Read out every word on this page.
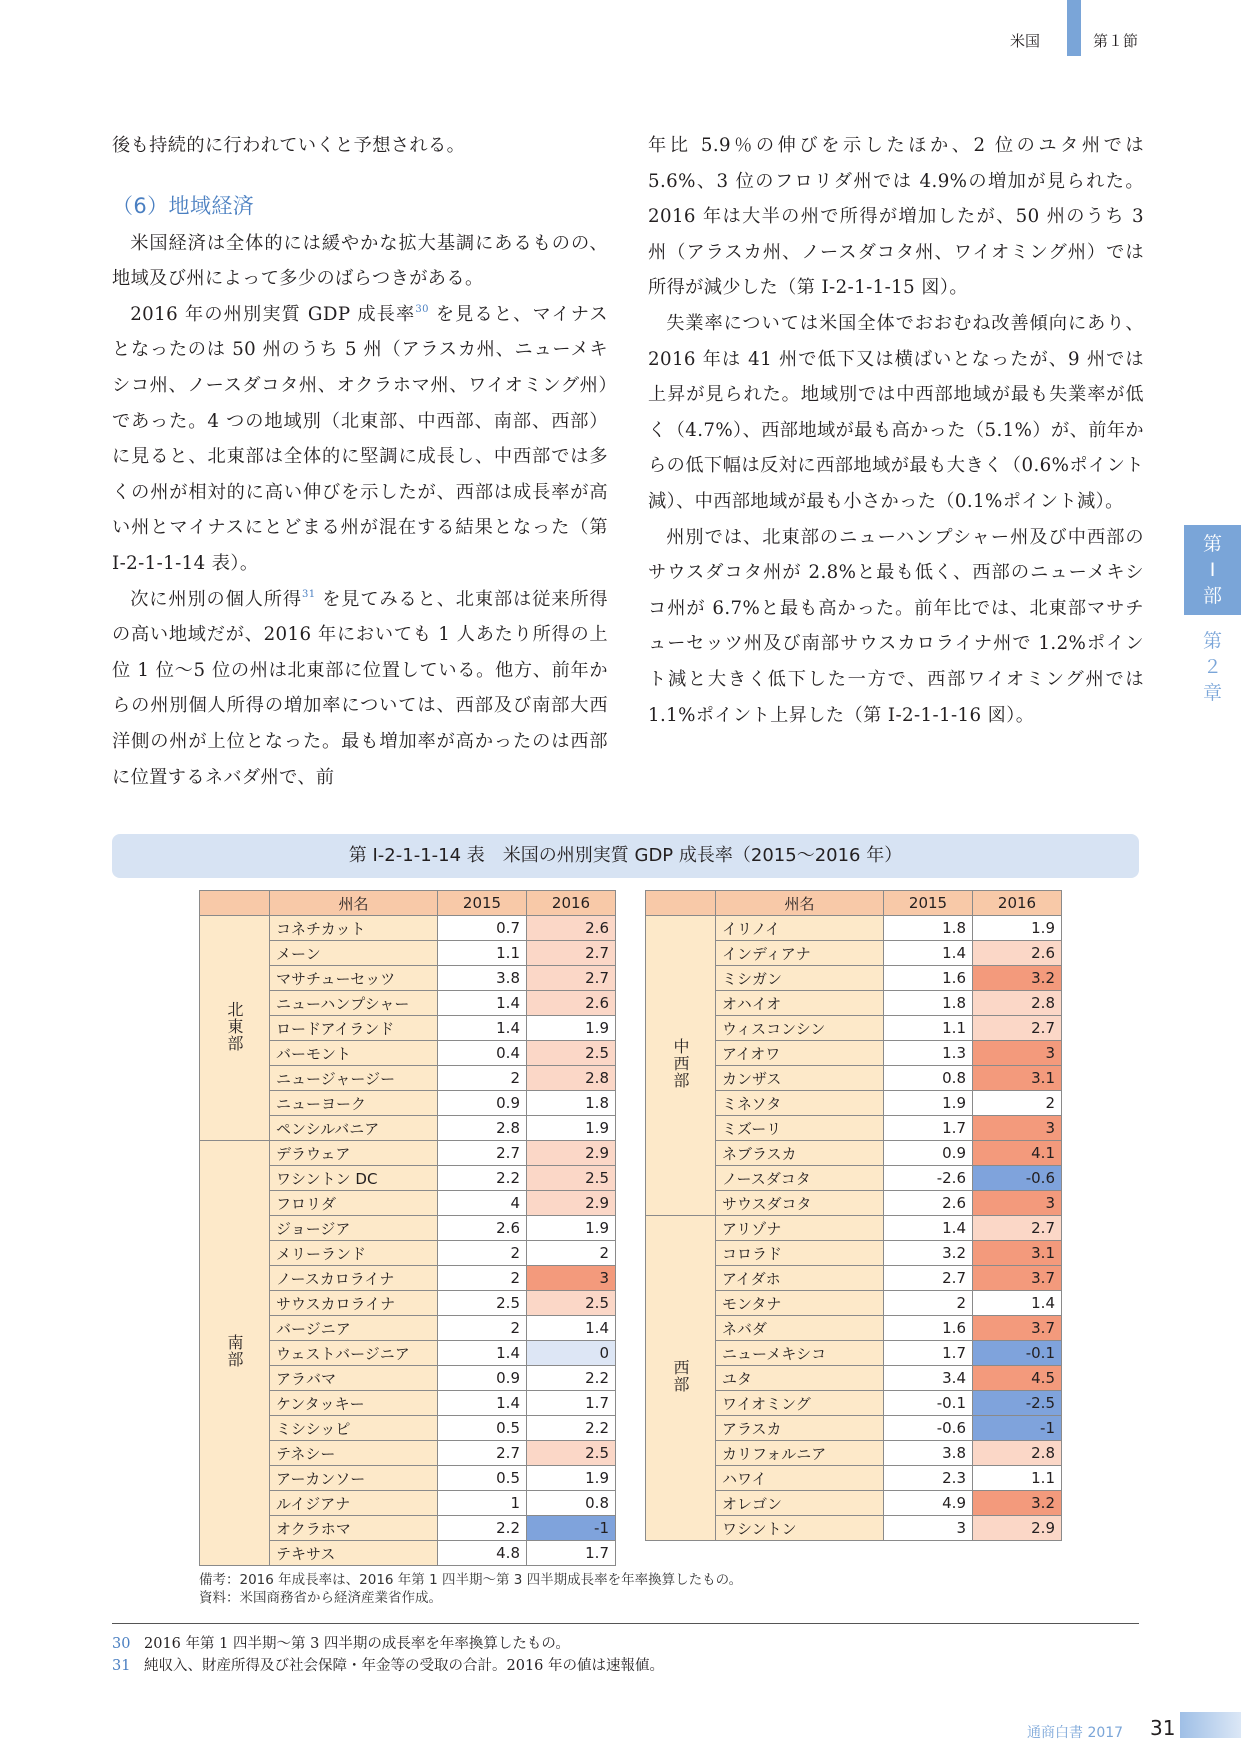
米国	第１節

後も持続的に行われていくと予想される。

（6）地域経済

米国経済は全体的には緩やかな拡大基調にあるものの、地域及び州によって多少のばらつきがある。

2016 年の州別実質 GDP 成長率$^{30}$ を見ると、マイナスとなったのは 50 州のうち 5 州（アラスカ州、ニューメキシコ州、ノースダコタ州、オクラホマ州、ワイオミング州）であった。4 つの地域別（北東部、中西部、南部、西部）に見ると、北東部は全体的に堅調に成長し、中西部では多くの州が相対的に高い伸びを示したが、西部は成長率が高い州とマイナスにとどまる州が混在する結果となった（第 I-2-1-1-14 表）。

次に州別の個人所得$^{31}$ を見てみると、北東部は従来所得の高い地域だが、2016 年においても 1 人あたり所得の上位 1 位〜5 位の州は北東部に位置している。他方、前年からの州別個人所得の増加率については、西部及び南部大西洋側の州が上位となった。最も増加率が高かったのは西部に位置するネバダ州で、前

年比 5.9％の伸びを示したほか、2 位のユタ州では 5.6%、3 位のフロリダ州では 4.9%の増加が見られた。2016 年は大半の州で所得が増加したが、50 州のうち 3 州（アラスカ州、ノースダコタ州、ワイオミング州）では所得が減少した（第 I-2-1-1-15 図）。

失業率については米国全体でおおむね改善傾向にあり、2016 年は 41 州で低下又は横ばいとなったが、9 州では上昇が見られた。地域別では中西部地域が最も失業率が低く（4.7%）、西部地域が最も高かった（5.1%）が、前年からの低下幅は反対に西部地域が最も大きく（0.6%ポイント減）、中西部地域が最も小さかった（0.1%ポイント減）。

州別では、北東部のニューハンプシャー州及び中西部のサウスダコタ州が 2.8%と最も低く、西部のニューメキシコ州が 6.7%と最も高かった。前年比では、北東部マサチューセッツ州及び南部サウスカロライナ州で 1.2%ポイント減と大きく低下した一方で、西部ワイオミング州では 1.1%ポイント上昇した（第 I-2-1-1-16 図）。

第
I
部
第
２
章
第 I-2-1-1-14 表　米国の州別実質 GDP 成長率（2015〜2016 年）
	州名	2015	2016
北東部	コネチカット	0.7	2.6
	メーン	1.1	2.7
	マサチューセッツ	3.8	2.7
	ニューハンプシャー	1.4	2.6
	ロードアイランド	1.4	1.9
	バーモント	0.4	2.5
	ニュージャージー	2	2.8
	ニューヨーク	0.9	1.8
	ペンシルバニア	2.8	1.9
南部	デラウェア	2.7	2.9
	ワシントン DC	2.2	2.5
	フロリダ	4	2.9
	ジョージア	2.6	1.9
	メリーランド	2	2
	ノースカロライナ	2	3
	サウスカロライナ	2.5	2.5
	バージニア	2	1.4
	ウェストバージニア	1.4	0
	アラバマ	0.9	2.2
	ケンタッキー	1.4	1.7
	ミシシッピ	0.5	2.2
	テネシー	2.7	2.5
	アーカンソー	0.5	1.9
	ルイジアナ	1	0.8
	オクラホマ	2.2	-1
	テキサス	4.8	1.7
	州名	2015	2016
中西部	イリノイ	1.8	1.9
	インディアナ	1.4	2.6
	ミシガン	1.6	3.2
	オハイオ	1.8	2.8
	ウィスコンシン	1.1	2.7
	アイオワ	1.3	3
	カンザス	0.8	3.1
	ミネソタ	1.9	2
	ミズーリ	1.7	3
	ネブラスカ	0.9	4.1
	ノースダコタ	-2.6	-0.6
	サウスダコタ	2.6	3
西部	アリゾナ	1.4	2.7
	コロラド	3.2	3.1
	アイダホ	2.7	3.7
	モンタナ	2	1.4
	ネバダ	1.6	3.7
	ニューメキシコ	1.7	-0.1
	ユタ	3.4	4.5
	ワイオミング	-0.1	-2.5
	アラスカ	-0.6	-1
	カリフォルニア	3.8	2.8
	ハワイ	2.3	1.1
	オレゴン	4.9	3.2
	ワシントン	3	2.9
備考：2016 年成長率は、2016 年第 1 四半期〜第 3 四半期成長率を年率換算したもの。
資料：米国商務省から経済産業省作成。
30 2016 年第 1 四半期〜第 3 四半期の成長率を年率換算したもの。
31 純収入、財産所得及び社会保障・年金等の受取の合計。2016 年の値は速報値。
通商白書 2017 31
